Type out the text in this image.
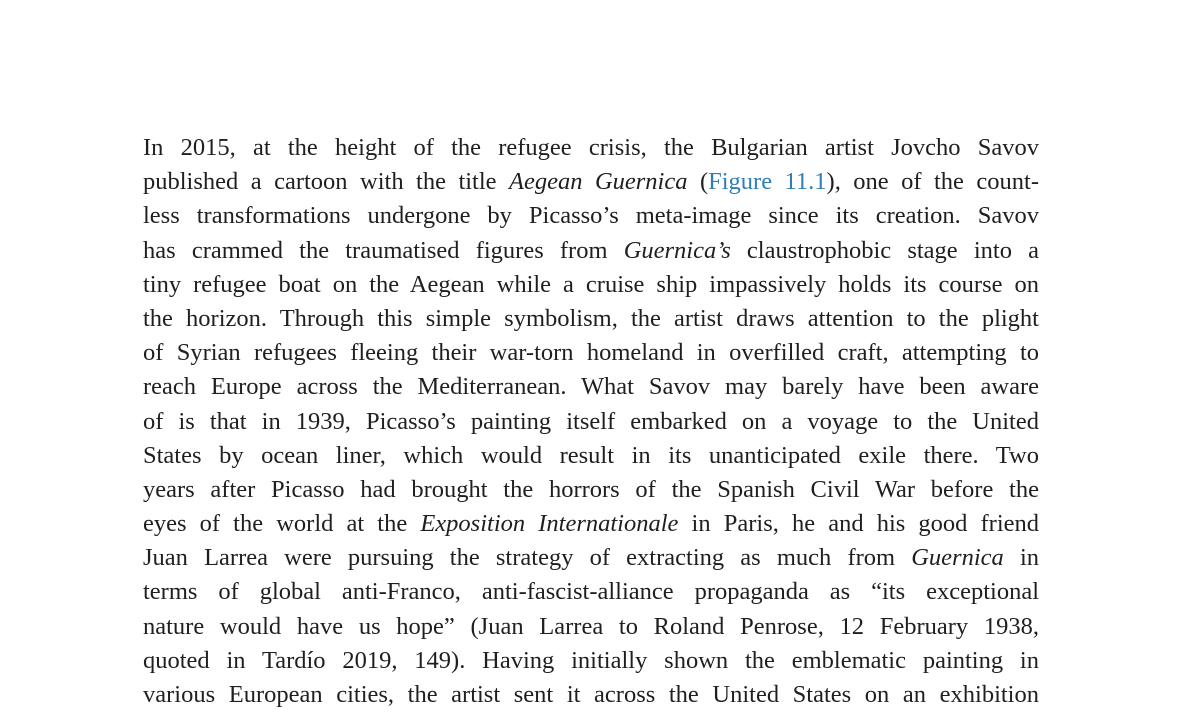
In 2015, at the height of the refugee crisis, the Bulgarian artist Jovcho Savov
published a cartoon with the title Aegean Guernica (Figure 11.1), one of the count-
less transformations undergone by Picasso’s meta-image since its creation. Savov
has crammed the traumatised figures from Guernica’s claustrophobic stage into a
tiny refugee boat on the Aegean while a cruise ship impassively holds its course on
the horizon. Through this simple symbolism, the artist draws attention to the plight
of Syrian refugees fleeing their war-torn homeland in overfilled craft, attempting to
reach Europe across the Mediterranean. What Savov may barely have been aware
of is that in 1939, Picasso’s painting itself embarked on a voyage to the United
States by ocean liner, which would result in its unanticipated exile there. Two
years after Picasso had brought the horrors of the Spanish Civil War before the
eyes of the world at the Exposition Internationale in Paris, he and his good friend
Juan Larrea were pursuing the strategy of extracting as much from Guernica in
terms of global anti-Franco, anti-fascist-alliance propaganda as “its exceptional
nature would have us hope” (Juan Larrea to Roland Penrose, 12 February 1938,
quoted in Tardío 2019, 149). Having initially shown the emblematic painting in
various European cities, the artist sent it across the United States on an exhibition
